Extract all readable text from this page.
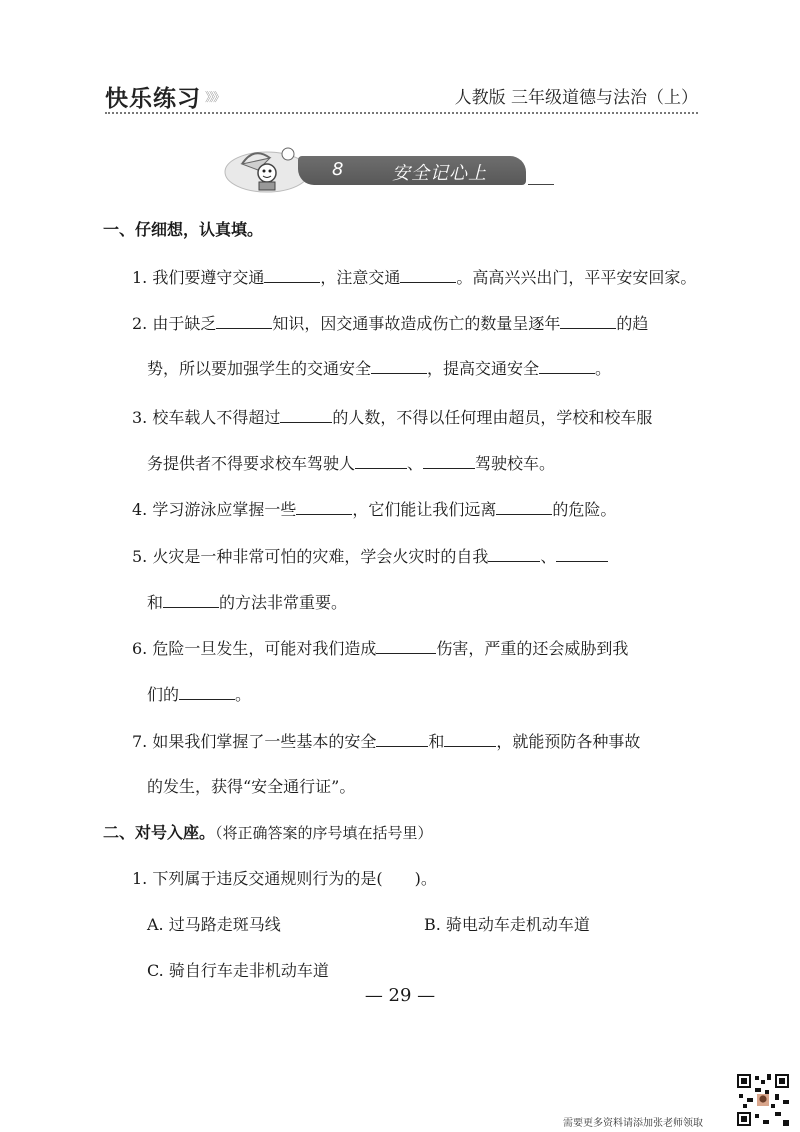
快乐练习 》》》	人教版 三年级道德与法治（上）
8	安全记心上
一、仔细想，认真填。
1. 我们要遵守交通	，注意交通	。高高兴兴出门，平平安安回家。
2. 由于缺乏	知识，因交通事故造成伤亡的数量呈逐年	的趋
势，所以要加强学生的交通安全	，提高交通安全	。
3. 校车载人不得超过	的人数，不得以任何理由超员，学校和校车服
务提供者不得要求校车驾驶人	、	驾驶校车。
4. 学习游泳应掌握一些	，它们能让我们远离	的危险。
5. 火灾是一种非常可怕的灾难，学会火灾时的自我	、
和	的方法非常重要。
6. 危险一旦发生，可能对我们造成	伤害，严重的还会威胁到我
们的	。
7. 如果我们掌握了一些基本的安全	和	，就能预防各种事故
的发生，获得“安全通行证”。
二、对号入座。（将正确答案的序号填在括号里）
1. 下列属于违反交通规则行为的是(　　)。
A. 过马路走斑马线	B. 骑电动车走机动车道
C. 骑自行车走非机动车道
— 29 —
需要更多资料请添加张老师领取
